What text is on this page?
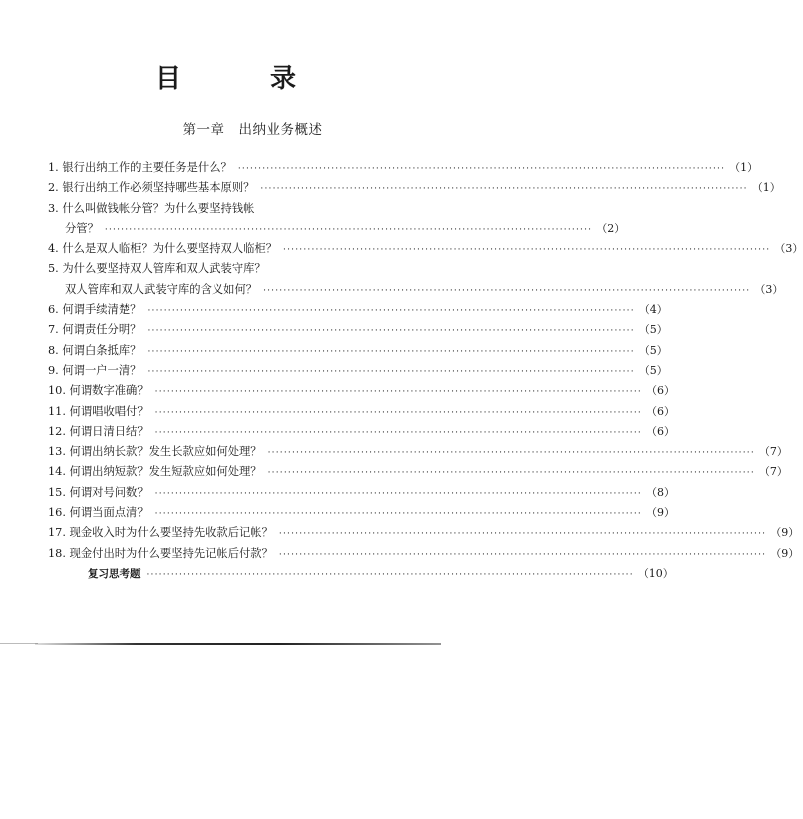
目	录
第一章 出纳业务概述
1. 银行出纳工作的主要任务是什么？ ························································································································ （1）
2. 银行出纳工作必须坚持哪些基本原则？ ························································································································ （1）
3. 什么叫做钱帐分管？为什么要坚持钱帐
分管？ ························································································································ （2）
4. 什么是双人临柜？为什么要坚持双人临柜？ ························································································································ （3）
5. 为什么要坚持双人管库和双人武装守库？
双人管库和双人武装守库的含义如何？ ························································································································ （3）
6. 何谓手续清楚？ ························································································································ （4）
7. 何谓责任分明？ ························································································································ （5）
8. 何谓白条抵库？ ························································································································ （5）
9. 何谓一户一清？ ························································································································ （5）
10. 何谓数字准确？ ························································································································ （6）
11. 何谓唱收唱付？ ························································································································ （6）
12. 何谓日清日结？ ························································································································ （6）
13. 何谓出纳长款？发生长款应如何处理？ ························································································································ （7）
14. 何谓出纳短款？发生短款应如何处理？ ························································································································ （7）
15. 何谓对号问数？ ························································································································ （8）
16. 何谓当面点清？ ························································································································ （9）
17. 现金收入时为什么要坚持先收款后记帐？ ························································································································ （9）
18. 现金付出时为什么要坚持先记帐后付款？ ························································································································ （9）
复习思考题 ························································································································ （10）
